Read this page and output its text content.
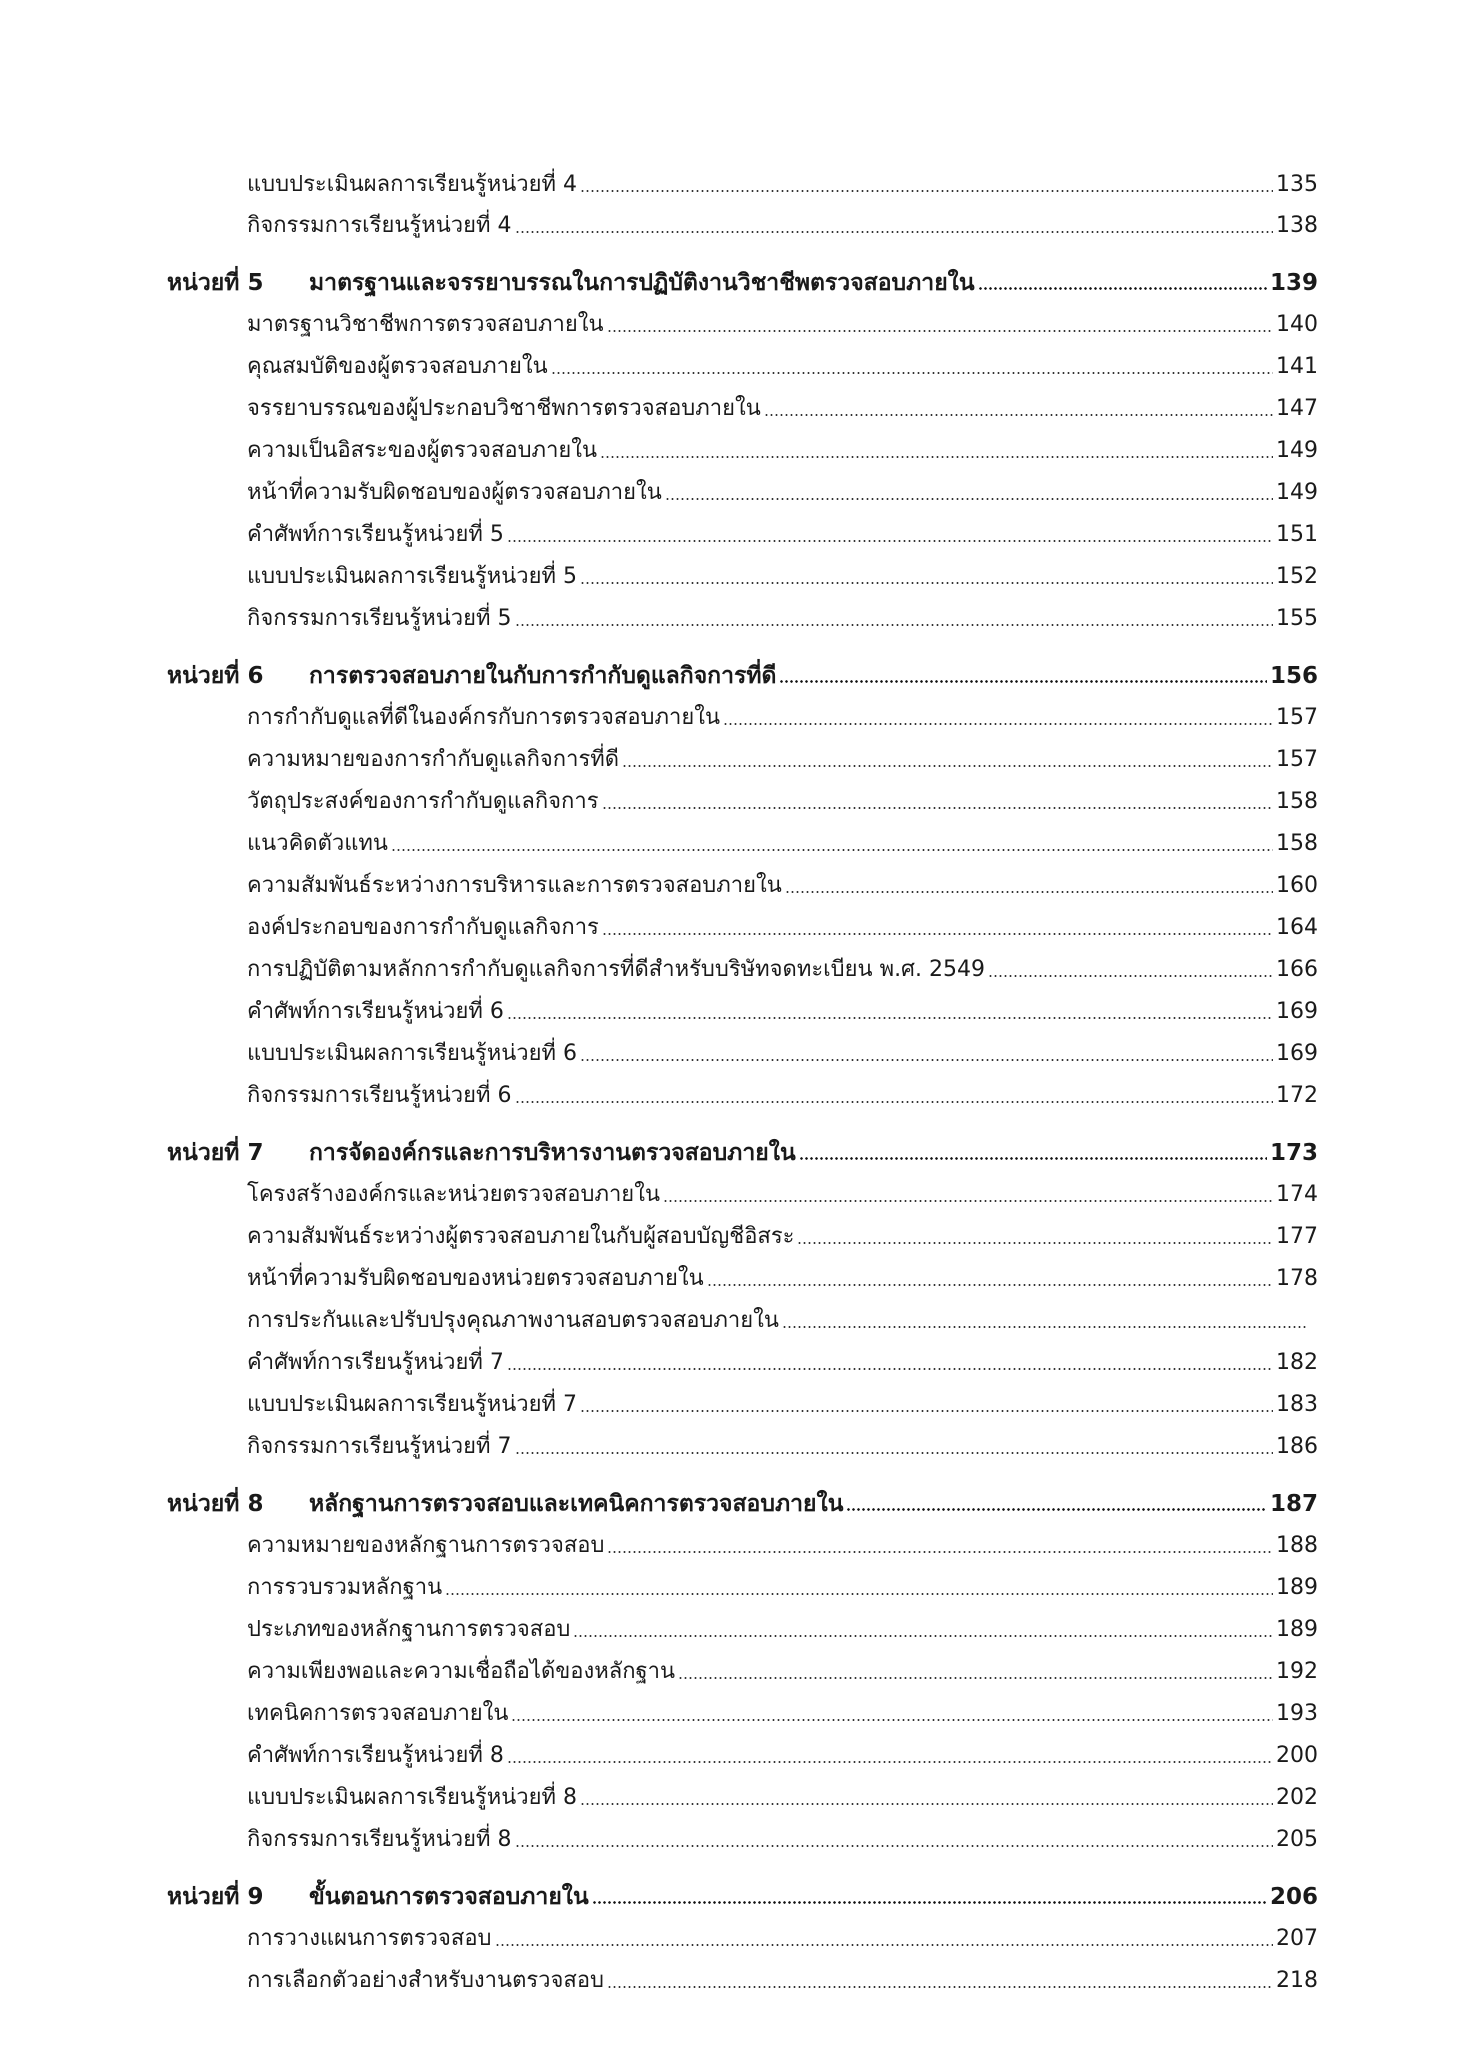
แบบประเมินผลการเรียนรู้หน่วยที่ 4	135
กิจกรรมการเรียนรู้หน่วยที่ 4	138
หน่วยที่ 5	มาตรฐานและจรรยาบรรณในการปฏิบัติงานวิชาชีพตรวจสอบภายใน	139
มาตรฐานวิชาชีพการตรวจสอบภายใน	140
คุณสมบัติของผู้ตรวจสอบภายใน	141
จรรยาบรรณของผู้ประกอบวิชาชีพการตรวจสอบภายใน	147
ความเป็นอิสระของผู้ตรวจสอบภายใน	149
หน้าที่ความรับผิดชอบของผู้ตรวจสอบภายใน	149
คำศัพท์การเรียนรู้หน่วยที่ 5	151
แบบประเมินผลการเรียนรู้หน่วยที่ 5	152
กิจกรรมการเรียนรู้หน่วยที่ 5	155
หน่วยที่ 6	การตรวจสอบภายในกับการกำกับดูแลกิจการที่ดี	156
การกำกับดูแลที่ดีในองค์กรกับการตรวจสอบภายใน	157
ความหมายของการกำกับดูแลกิจการที่ดี	157
วัตถุประสงค์ของการกำกับดูแลกิจการ	158
แนวคิดตัวแทน	158
ความสัมพันธ์ระหว่างการบริหารและการตรวจสอบภายใน	160
องค์ประกอบของการกำกับดูแลกิจการ	164
การปฏิบัติตามหลักการกำกับดูแลกิจการที่ดีสำหรับบริษัทจดทะเบียน พ.ศ. 2549	166
คำศัพท์การเรียนรู้หน่วยที่ 6	169
แบบประเมินผลการเรียนรู้หน่วยที่ 6	169
กิจกรรมการเรียนรู้หน่วยที่ 6	172
หน่วยที่ 7	การจัดองค์กรและการบริหารงานตรวจสอบภายใน	173
โครงสร้างองค์กรและหน่วยตรวจสอบภายใน	174
ความสัมพันธ์ระหว่างผู้ตรวจสอบภายในกับผู้สอบบัญชีอิสระ	177
หน้าที่ความรับผิดชอบของหน่วยตรวจสอบภายใน	178
การประกันและปรับปรุงคุณภาพงานสอบตรวจสอบภายใน
คำศัพท์การเรียนรู้หน่วยที่ 7	182
แบบประเมินผลการเรียนรู้หน่วยที่ 7	183
กิจกรรมการเรียนรู้หน่วยที่ 7	186
หน่วยที่ 8	หลักฐานการตรวจสอบและเทคนิคการตรวจสอบภายใน	187
ความหมายของหลักฐานการตรวจสอบ	188
การรวบรวมหลักฐาน	189
ประเภทของหลักฐานการตรวจสอบ	189
ความเพียงพอและความเชื่อถือได้ของหลักฐาน	192
เทคนิคการตรวจสอบภายใน	193
คำศัพท์การเรียนรู้หน่วยที่ 8	200
แบบประเมินผลการเรียนรู้หน่วยที่ 8	202
กิจกรรมการเรียนรู้หน่วยที่ 8	205
หน่วยที่ 9	ขั้นตอนการตรวจสอบภายใน	206
การวางแผนการตรวจสอบ	207
การเลือกตัวอย่างสำหรับงานตรวจสอบ	218
